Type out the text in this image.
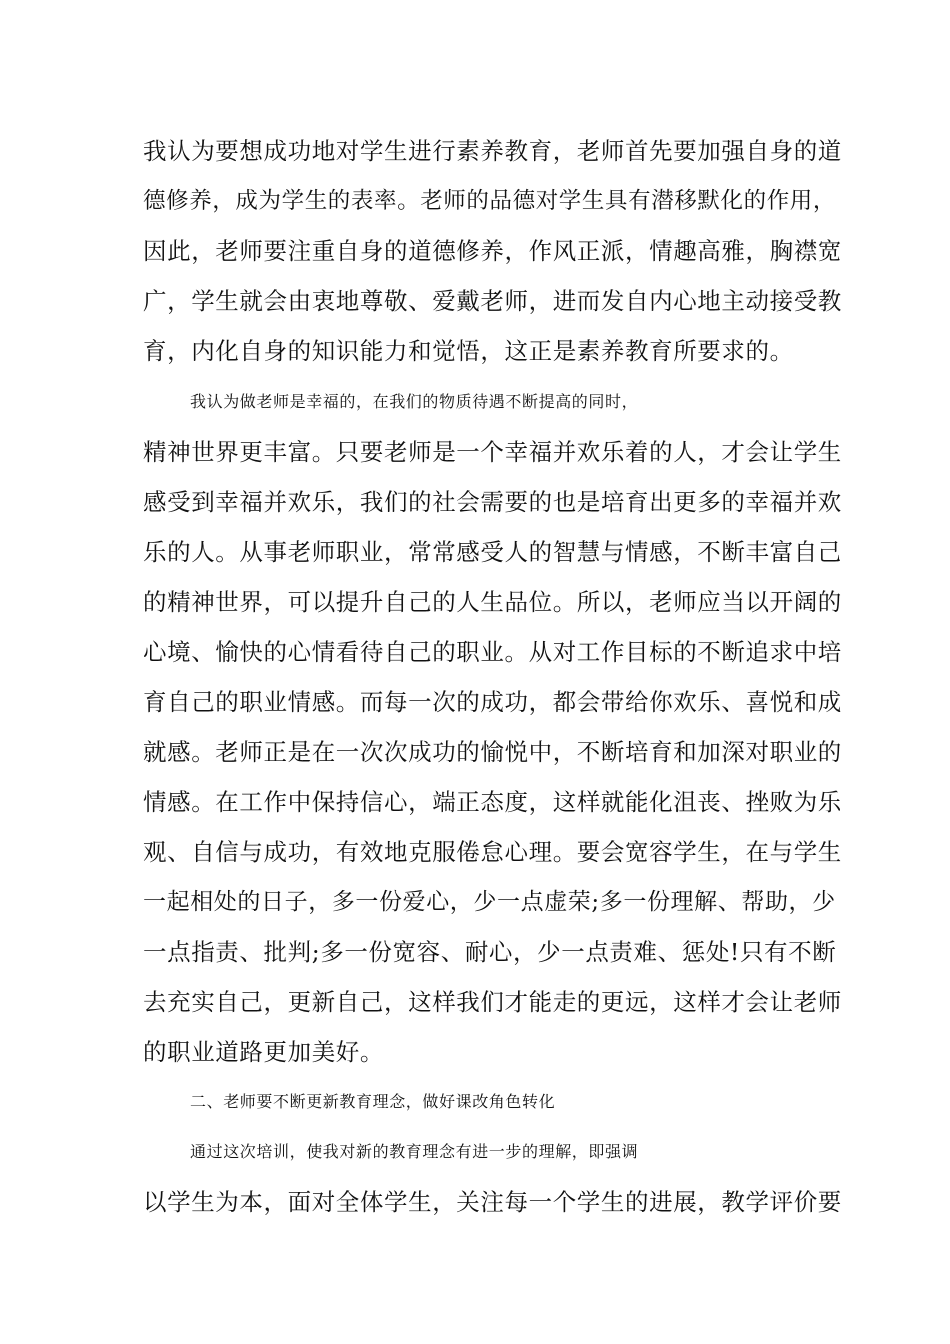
我认为要想成功地对学生进行素养教育，老师首先要加强自身的道
德修养，成为学生的表率。老师的品德对学生具有潜移默化的作用，
因此，老师要注重自身的道德修养，作风正派，情趣高雅，胸襟宽
广，学生就会由衷地尊敬、爱戴老师，进而发自内心地主动接受教
育，内化自身的知识能力和觉悟，这正是素养教育所要求的。
我认为做老师是幸福的，在我们的物质待遇不断提高的同时，
精神世界更丰富。只要老师是一个幸福并欢乐着的人，才会让学生
感受到幸福并欢乐，我们的社会需要的也是培育出更多的幸福并欢
乐的人。从事老师职业，常常感受人的智慧与情感，不断丰富自己
的精神世界，可以提升自己的人生品位。所以，老师应当以开阔的
心境、愉快的心情看待自己的职业。从对工作目标的不断追求中培
育自己的职业情感。而每一次的成功，都会带给你欢乐、喜悦和成
就感。老师正是在一次次成功的愉悦中，不断培育和加深对职业的
情感。在工作中保持信心，端正态度，这样就能化沮丧、挫败为乐
观、自信与成功，有效地克服倦怠心理。要会宽容学生，在与学生
一起相处的日子，多一份爱心，少一点虚荣;多一份理解、帮助，少
一点指责、批判;多一份宽容、耐心，少一点责难、惩处!只有不断
去充实自己，更新自己，这样我们才能走的更远，这样才会让老师
的职业道路更加美好。
二、老师要不断更新教育理念，做好课改角色转化
通过这次培训，使我对新的教育理念有进一步的理解，即强调
以学生为本，面对全体学生，关注每一个学生的进展，教学评价要
